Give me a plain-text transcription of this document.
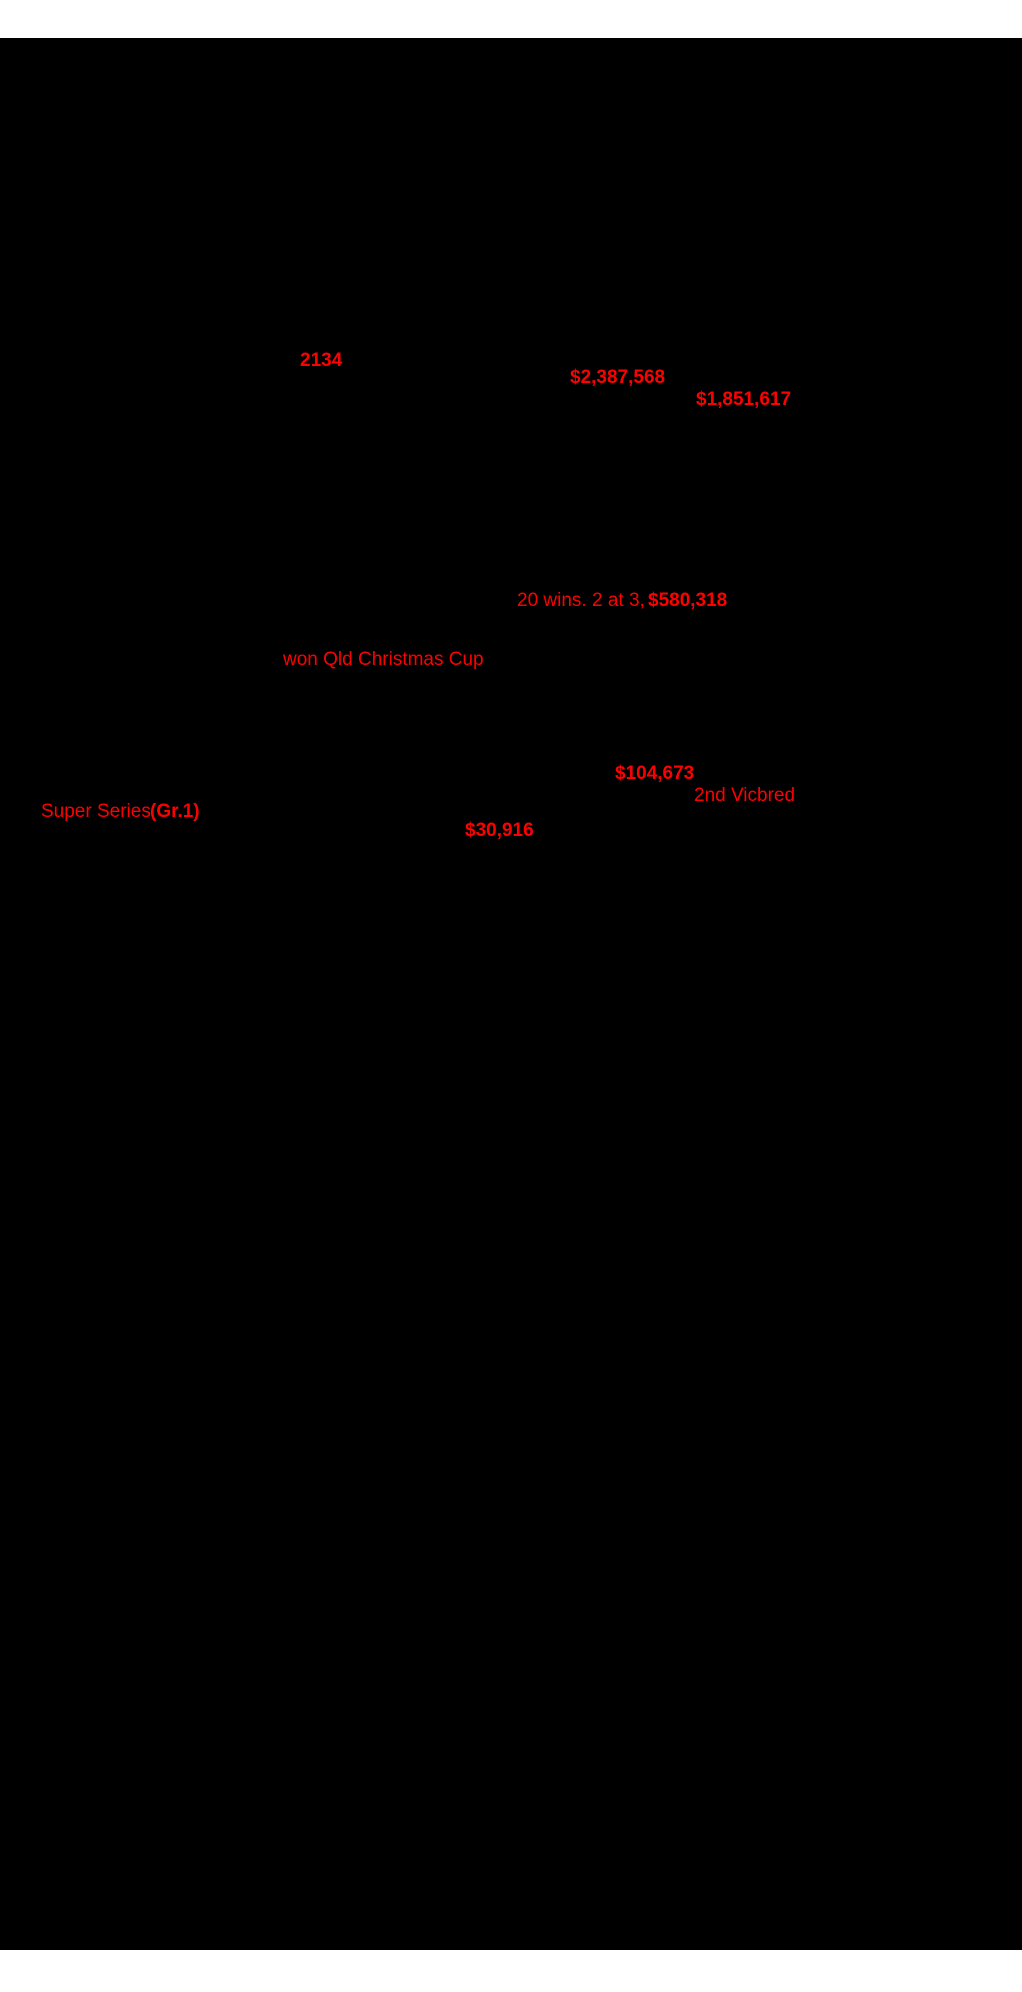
2134
$2,387,568
$1,851,617
20 wins. 2 at 3, $580,318
won Qld Christmas Cup
$104,673
2nd Vicbred
Super Series
(Gr.1)
$30,916
